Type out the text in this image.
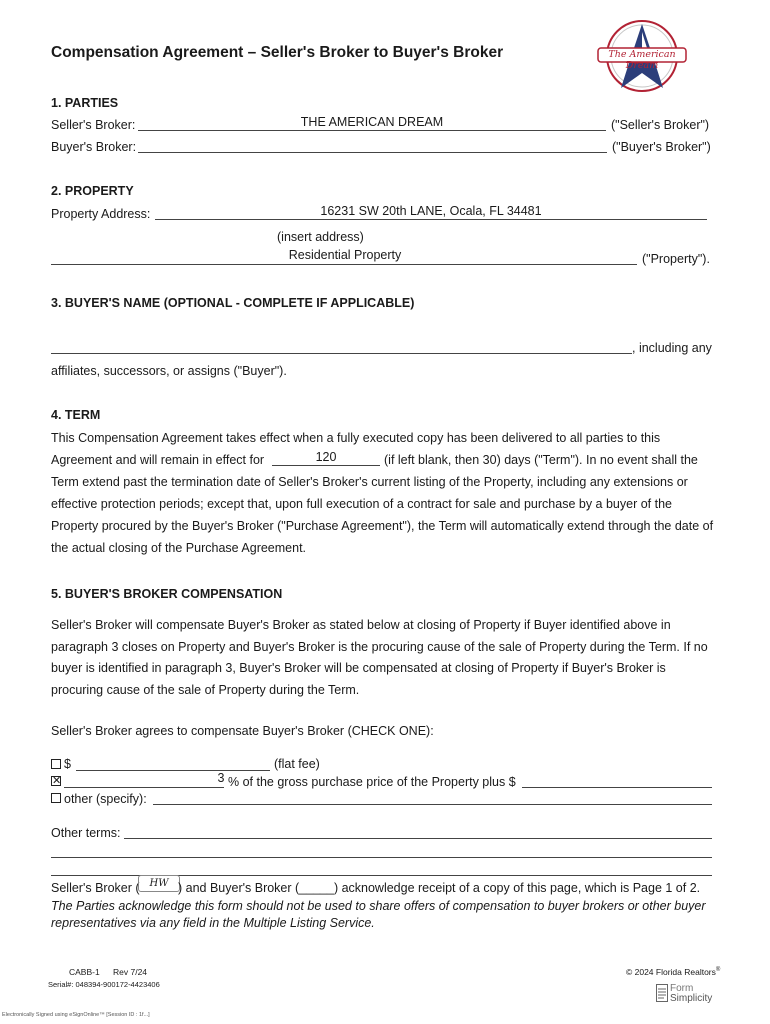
The American Dream
Compensation Agreement – Seller's Broker to Buyer's Broker
1. PARTIES
Seller's Broker:	THE AMERICAN DREAM	("Seller's Broker")
Buyer's Broker:	("Buyer's Broker")
2. PROPERTY
Property Address:	16231 SW 20th LANE, Ocala, FL 34481
(insert address)
Residential Property	("Property").
3. BUYER'S NAME (OPTIONAL - COMPLETE IF APPLICABLE)
, including any
affiliates, successors, or assigns ("Buyer").
4. TERM
This Compensation Agreement takes effect when a fully executed copy has been delivered to all parties to this
Agreement and will remain in effect for	120	(if left blank, then 30) days ("Term"). In no event shall the
Term extend past the termination date of Seller's Broker's current listing of the Property, including any extensions or
effective protection periods; except that, upon full execution of a contract for sale and purchase by a buyer of the
Property procured by the Buyer's Broker ("Purchase Agreement"), the Term will automatically extend through the date of
the actual closing of the Purchase Agreement.
5. BUYER'S BROKER COMPENSATION
Seller's Broker will compensate Buyer's Broker as stated below at closing of Property if Buyer identified above in
paragraph 3 closes on Property and Buyer's Broker is the procuring cause of the sale of Property during the Term. If no
buyer is identified in paragraph 3, Buyer's Broker will be compensated at closing of Property if Buyer's Broker is
procuring cause of the sale of Property during the Term.
Seller's Broker agrees to compensate Buyer's Broker (CHECK ONE):
$	(flat fee)
✕	3 % of the gross purchase price of the Property plus $
other (specify):
Other terms:
Seller's Broker ( HW ) and Buyer's Broker (_____) acknowledge receipt of a copy of this page, which is Page 1 of 2.
The Parties acknowledge this form should not be used to share offers of compensation to buyer brokers or other buyer
representatives via any field in the Multiple Listing Service.
CABB-1 Rev 7/24
Serial#: 048394-900172-4423406
© 2024 Florida Realtors®
Electronically Signed using eSignOnline™ [Session ID : 1f...]
Form
Simplicity
